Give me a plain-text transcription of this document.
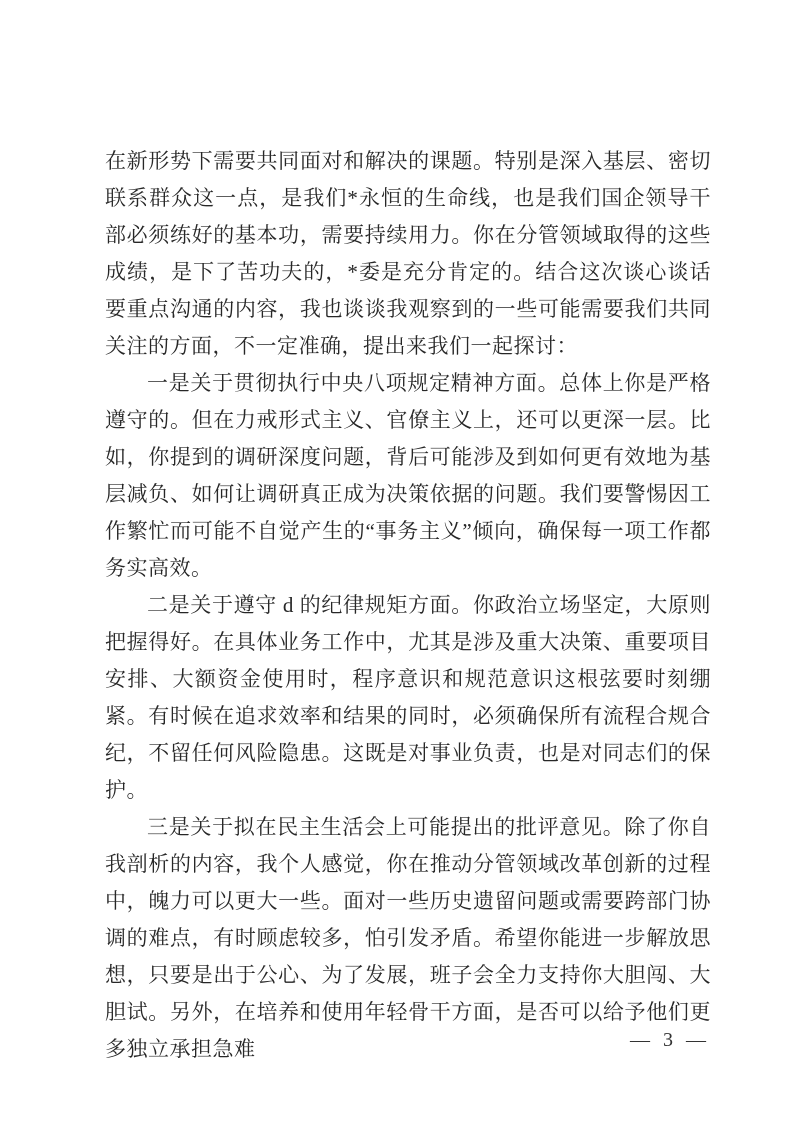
在新形势下需要共同面对和解决的课题。特别是深入基层、密切联系群众这一点，是我们*永恒的生命线，也是我们国企领导干部必须练好的基本功，需要持续用力。你在分管领域取得的这些成绩，是下了苦功夫的，*委是充分肯定的。结合这次谈心谈话要重点沟通的内容，我也谈谈我观察到的一些可能需要我们共同关注的方面，不一定准确，提出来我们一起探讨：

一是关于贯彻执行中央八项规定精神方面。总体上你是严格遵守的。但在力戒形式主义、官僚主义上，还可以更深一层。比如，你提到的调研深度问题，背后可能涉及到如何更有效地为基层减负、如何让调研真正成为决策依据的问题。我们要警惕因工作繁忙而可能不自觉产生的“事务主义”倾向，确保每一项工作都务实高效。

二是关于遵守 d 的纪律规矩方面。你政治立场坚定，大原则把握得好。在具体业务工作中，尤其是涉及重大决策、重要项目安排、大额资金使用时，程序意识和规范意识这根弦要时刻绷紧。有时候在追求效率和结果的同时，必须确保所有流程合规合纪，不留任何风险隐患。这既是对事业负责，也是对同志们的保护。

三是关于拟在民主生活会上可能提出的批评意见。除了你自我剖析的内容，我个人感觉，你在推动分管领域改革创新的过程中，魄力可以更大一些。面对一些历史遗留问题或需要跨部门协调的难点，有时顾虑较多，怕引发矛盾。希望你能进一步解放思想，只要是出于公心、为了发展，班子会全力支持你大胆闯、大胆试。另外，在培养和使用年轻骨干方面，是否可以给予他们更多独立承担急难	— 3 —
